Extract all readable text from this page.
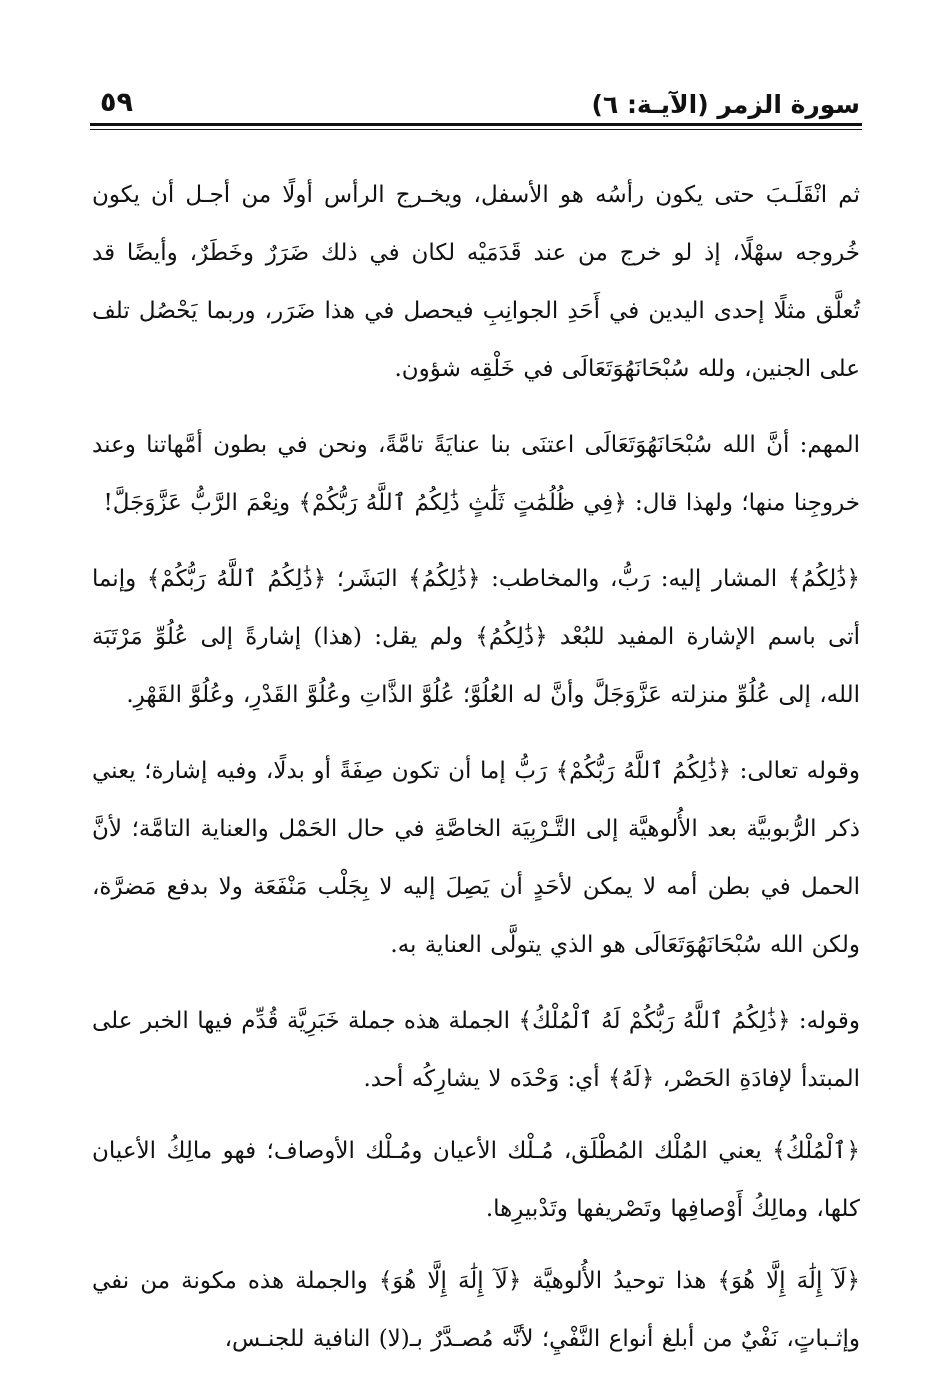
سورة الزمر (الآيـة: ٦)
٥٩

ثم انْقَلَـبَ حتى يكون رأسُه هو الأسفل، ويخـرج الرأس أولًا من أجـل أن يكون خُروجه سهْلًا، إذ لو خرج من عند قَدَمَيْه لكان في ذلك ضَرَرٌ وخَطَرٌ، وأيضًا قد تُعلَّق مثلًا إحدى اليدين في أَحَدِ الجوانِبِ فيحصل في هذا ضَرَر، وربما يَحْصُل تلف على الجنين، ولله سُبْحَانَهُوَتَعَالَى في خَلْقِه شؤون.

المهم: أنَّ الله سُبْحَانَهُوَتَعَالَى اعتنَى بنا عنايَةً تامَّةً، ونحن في بطون أمَّهاتنا وعند خروجِنا منها؛ ولهذا قال: ﴿فِي ظُلُمَٰتٍ ثَلَٰثٍ ذَٰلِكُمُ ٱللَّهُ رَبُّكُمْ﴾ ونِعْمَ الرَّبُّ عَزَّوَجَلَّ!

﴿ذَٰلِكُمُ﴾ المشار إليه: رَبُّ، والمخاطب: ﴿ذَٰلِكُمُ﴾ البَشَر؛ ﴿ذَٰلِكُمُ ٱللَّهُ رَبُّكُمْ﴾ وإنما أتى باسم الإشارة المفيد للبُعْد ﴿ذَٰلِكُمُ﴾ ولم يقل: (هذا) إشارةً إلى عُلُوِّ مَرْتَبَة الله، إلى عُلُوِّ منزلته عَزَّوَجَلَّ وأنَّ له العُلُوَّ؛ عُلُوَّ الذَّاتِ وعُلُوَّ القَدْرِ، وعُلُوَّ القَهْرِ.

وقوله تعالى: ﴿ذَٰلِكُمُ ٱللَّهُ رَبُّكُمْ﴾ رَبُّ إما أن تكون صِفَةً أو بدلًا، وفيه إشارة؛ يعني ذكر الرُّبوبيَّة بعد الأُلوهيَّة إلى التَّـرْبِيَة الخاصَّةِ في حال الحَمْل والعناية التامَّة؛ لأنَّ الحمل في بطن أمه لا يمكن لأحَدٍ أن يَصِلَ إليه لا بِجَلْب مَنْفَعَة ولا بدفع مَضرَّة، ولكن الله سُبْحَانَهُوَتَعَالَى هو الذي يتولَّى العناية به.

وقوله: ﴿ذَٰلِكُمُ ٱللَّهُ رَبُّكُمْ لَهُ ٱلْمُلْكُ﴾ الجملة هذه جملة خَبَرِيَّة قُدِّم فيها الخبر على المبتدأ لإفادَةِ الحَصْر، ﴿لَهُ﴾ أي: وَحْدَه لا يشارِكُه أحد.

﴿ٱلْمُلْكُ﴾ يعني المُلْك المُطْلَق، مُـلْك الأعيان ومُـلْك الأوصاف؛ فهو مالِكُ الأعيان كلها، ومالِكُ أَوْصافِها وتَصْريفها وتَدْبيرِها.

﴿لَآ إِلَٰهَ إِلَّا هُوَ﴾ هذا توحيدُ الأُلوهيَّة ﴿لَآ إِلَٰهَ إِلَّا هُوَ﴾ والجملة هذه مكونة من نفي وإثـباتٍ، نَفْيٌ من أبلغ أنواع النَّفْيِ؛ لأنَّه مُصـدَّرٌ بـ(لا) النافية للجنـس،
